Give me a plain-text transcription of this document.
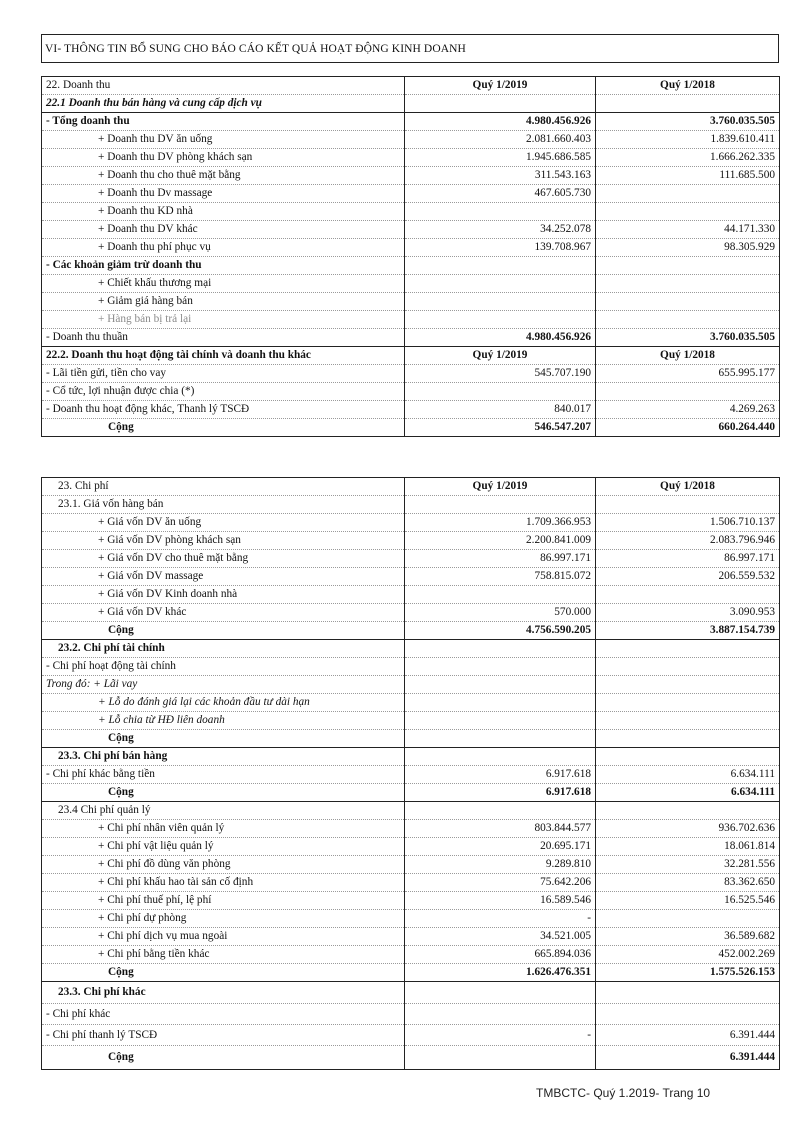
VI- THÔNG TIN BỔ SUNG CHO BÁO CÁO KẾT QUẢ HOẠT ĐỘNG KINH DOANH
22. Doanh thu	Quý 1/2019	Quý 1/2018
22.1 Doanh thu bán hàng và cung cấp dịch vụ		
- Tổng doanh thu	4.980.456.926	3.760.035.505
+ Doanh thu DV ăn uống	2.081.660.403	1.839.610.411
+ Doanh thu DV phòng khách sạn	1.945.686.585	1.666.262.335
+ Doanh thu cho thuê mặt bằng	311.543.163	111.685.500
+ Doanh thu Dv massage	467.605.730	
+ Doanh thu KD nhà		
+ Doanh thu DV khác	34.252.078	44.171.330
+ Doanh thu phí phục vụ	139.708.967	98.305.929
- Các khoản giảm trừ doanh thu		
+ Chiết khấu thương mại		
+ Giảm giá hàng bán		
+ Hàng bán bị trả lại		
- Doanh thu thuần	4.980.456.926	3.760.035.505
22.2. Doanh thu hoạt động tài chính và doanh thu khác	Quý 1/2019	Quý 1/2018
- Lãi tiền gửi, tiền cho vay	545.707.190	655.995.177
- Cổ tức, lợi nhuận được chia (*)		
- Doanh thu hoạt động khác, Thanh lý TSCĐ	840.017	4.269.263
Cộng	546.547.207	660.264.440
23. Chi phí	Quý 1/2019	Quý 1/2018
23.1. Giá vốn hàng bán		
+ Giá vốn DV ăn uống	1.709.366.953	1.506.710.137
+ Giá vốn DV phòng khách sạn	2.200.841.009	2.083.796.946
+ Giá vốn DV cho thuê mặt bằng	86.997.171	86.997.171
+ Giá vốn DV massage	758.815.072	206.559.532
+ Giá vốn DV Kinh doanh nhà		
+ Giá vốn DV khác	570.000	3.090.953
Cộng	4.756.590.205	3.887.154.739
23.2. Chi phí tài chính		
- Chi phí hoạt động tài chính		
Trong đó: + Lãi vay		
+ Lỗ do đánh giá lại các khoản đầu tư dài hạn		
+ Lỗ chia từ HĐ liên doanh		
Cộng		
23.3. Chi phí bán hàng		
- Chi phí khác bằng tiền	6.917.618	6.634.111
Cộng	6.917.618	6.634.111
23.4 Chi phí quản lý		
+ Chi phí nhân viên quản lý	803.844.577	936.702.636
+ Chi phí vật liệu quản lý	20.695.171	18.061.814
+ Chi phí đồ dùng văn phòng	9.289.810	32.281.556
+ Chi phí khấu hao tài sản cố định	75.642.206	83.362.650
+ Chi phí thuế phí, lệ phí	16.589.546	16.525.546
+ Chi phí dự phòng	-	
+ Chi phí dịch vụ mua ngoài	34.521.005	36.589.682
+ Chi phí bằng tiền khác	665.894.036	452.002.269
Cộng	1.626.476.351	1.575.526.153
23.3. Chi phí khác		
- Chi phí khác		
- Chi phí thanh lý TSCĐ	-	6.391.444
Cộng		6.391.444
TMBCTC- Quý 1.2019- Trang 10
